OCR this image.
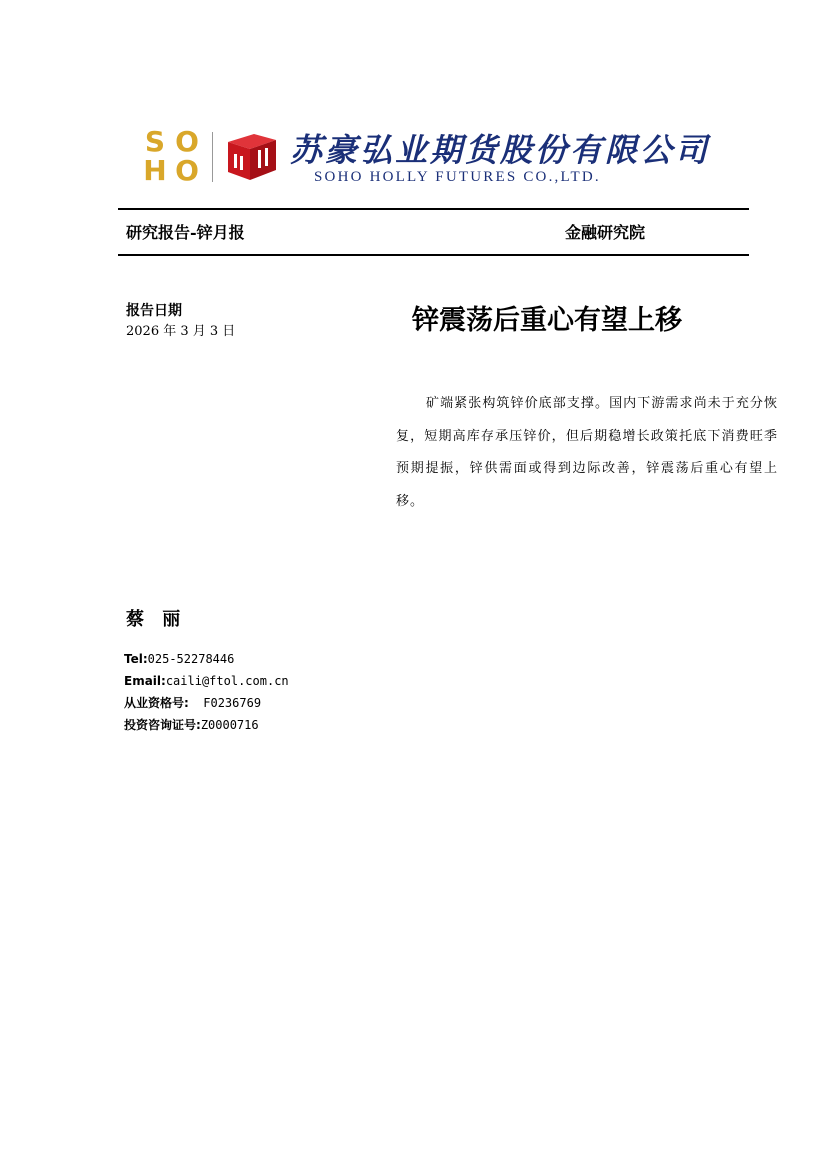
S O
H O
苏豪弘业期货股份有限公司
SOHO HOLLY FUTURES CO.,LTD.
研究报告-锌月报	金融研究院
报告日期
2026 年 3 月 3 日
蔡 丽
Tel:025-52278446
Email:caili@ftol.com.cn
从业资格号:  F0236769
投资咨询证号:Z0000716
锌震荡后重心有望上移
矿端紧张构筑锌价底部支撑。国内下游需求尚未于充分恢复，短期高库存承压锌价，但后期稳增长政策托底下消费旺季预期提振，锌供需面或得到边际改善，锌震荡后重心有望上移。
